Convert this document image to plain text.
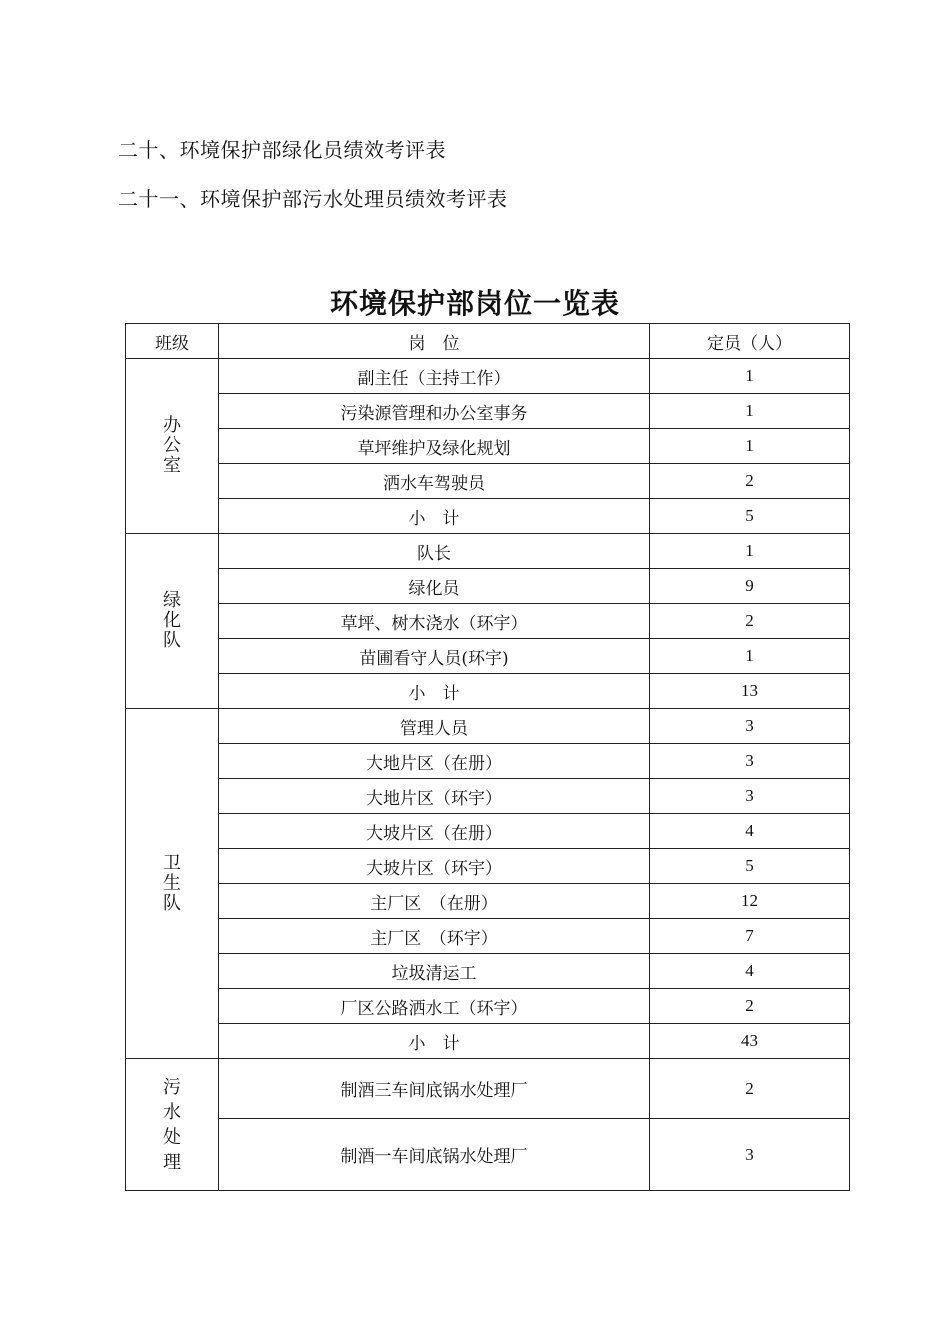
二十、环境保护部绿化员绩效考评表
二十一、环境保护部污水处理员绩效考评表
环境保护部岗位一览表
班级	岗　位	定员（人）
办公室	副主任（主持工作）	1
	污染源管理和办公室事务	1
	草坪维护及绿化规划	1
	洒水车驾驶员	2
	小　计	5
绿化队	队长	1
	绿化员	9
	草坪、树木浇水（环宇）	2
	苗圃看守人员(环宇)	1
	小　计	13
卫生队	管理人员	3
	大地片区（在册）	3
	大地片区（环宇）	3
	大坡片区（在册）	4
	大坡片区（环宇）	5
	主厂区　（在册）	12
	主厂区　（环宇）	7
	垃圾清运工	4
	厂区公路洒水工（环宇）	2
	小　计	43
污水处理	制酒三车间底锅水处理厂	2
	制酒一车间底锅水处理厂	3
